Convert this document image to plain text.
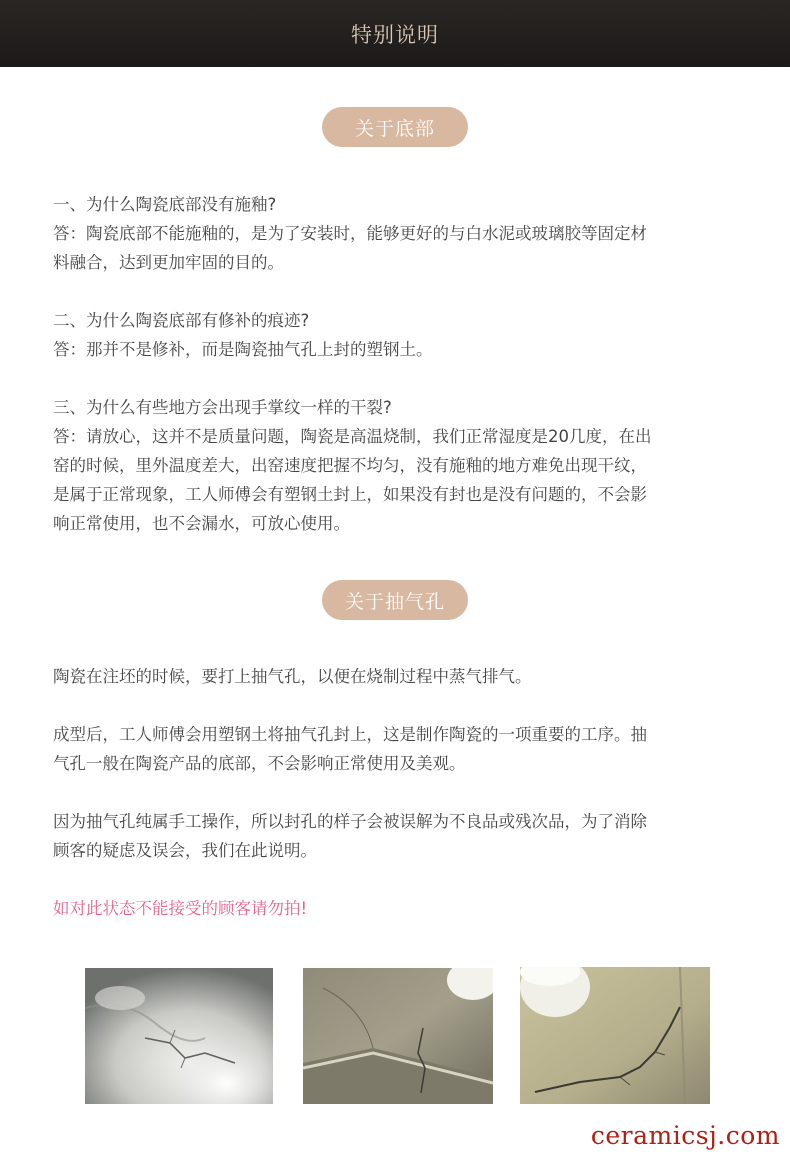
特别说明
关于底部

一、为什么陶瓷底部没有施釉?

答：陶瓷底部不能施釉的，是为了安装时，能够更好的与白水泥或玻璃胶等固定材

料融合，达到更加牢固的目的。

二、为什么陶瓷底部有修补的痕迹?

答：那并不是修补，而是陶瓷抽气孔上封的塑钢土。

三、为什么有些地方会出现手掌纹一样的干裂?

答：请放心，这并不是质量问题，陶瓷是高温烧制，我们正常湿度是20几度，在出

窑的时候，里外温度差大，出窑速度把握不均匀，没有施釉的地方难免出现干纹，

是属于正常现象，工人师傅会有塑钢土封上，如果没有封也是没有问题的，不会影

响正常使用，也不会漏水，可放心使用。

关于抽气孔

陶瓷在注坯的时候，要打上抽气孔，以便在烧制过程中蒸气排气。

成型后，工人师傅会用塑钢土将抽气孔封上，这是制作陶瓷的一项重要的工序。抽

气孔一般在陶瓷产品的底部，不会影响正常使用及美观。

因为抽气孔纯属手工操作，所以封孔的样子会被误解为不良品或残次品，为了消除

顾客的疑虑及误会，我们在此说明。

如对此状态不能接受的顾客请勿拍!

ceramicsj.com
